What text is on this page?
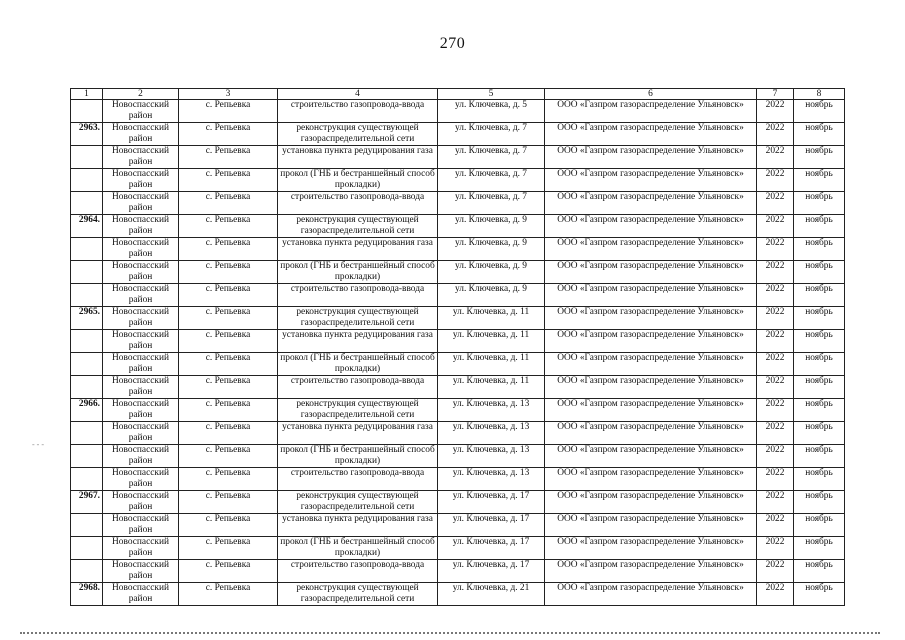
270
- - -
1	2	3	4	5	6	7	8
	Новоспасский район	с. Репьевка	строительство газопровода-ввода	ул. Ключевка, д. 5	ООО «Газпром газораспределение Ульяновск»	2022	ноябрь
2963.	Новоспасский район	с. Репьевка	реконструкция существующей газораспределительной сети	ул. Ключевка, д. 7	ООО «Газпром газораспределение Ульяновск»	2022	ноябрь
	Новоспасский район	с. Репьевка	установка пункта редуцирования газа	ул. Ключевка, д. 7	ООО «Газпром газораспределение Ульяновск»	2022	ноябрь
	Новоспасский район	с. Репьевка	прокол (ГНБ и бестраншейный способ прокладки)	ул. Ключевка, д. 7	ООО «Газпром газораспределение Ульяновск»	2022	ноябрь
	Новоспасский район	с. Репьевка	строительство газопровода-ввода	ул. Ключевка, д. 7	ООО «Газпром газораспределение Ульяновск»	2022	ноябрь
2964.	Новоспасский район	с. Репьевка	реконструкция существующей газораспределительной сети	ул. Ключевка, д. 9	ООО «Газпром газораспределение Ульяновск»	2022	ноябрь
	Новоспасский район	с. Репьевка	установка пункта редуцирования газа	ул. Ключевка, д. 9	ООО «Газпром газораспределение Ульяновск»	2022	ноябрь
	Новоспасский район	с. Репьевка	прокол (ГНБ и бестраншейный способ прокладки)	ул. Ключевка, д. 9	ООО «Газпром газораспределение Ульяновск»	2022	ноябрь
	Новоспасский район	с. Репьевка	строительство газопровода-ввода	ул. Ключевка, д. 9	ООО «Газпром газораспределение Ульяновск»	2022	ноябрь
2965.	Новоспасский район	с. Репьевка	реконструкция существующей газораспределительной сети	ул. Ключевка, д. 11	ООО «Газпром газораспределение Ульяновск»	2022	ноябрь
	Новоспасский район	с. Репьевка	установка пункта редуцирования газа	ул. Ключевка, д. 11	ООО «Газпром газораспределение Ульяновск»	2022	ноябрь
	Новоспасский район	с. Репьевка	прокол (ГНБ и бестраншейный способ прокладки)	ул. Ключевка, д. 11	ООО «Газпром газораспределение Ульяновск»	2022	ноябрь
	Новоспасский район	с. Репьевка	строительство газопровода-ввода	ул. Ключевка, д. 11	ООО «Газпром газораспределение Ульяновск»	2022	ноябрь
2966.	Новоспасский район	с. Репьевка	реконструкция существующей газораспределительной сети	ул. Ключевка, д. 13	ООО «Газпром газораспределение Ульяновск»	2022	ноябрь
	Новоспасский район	с. Репьевка	установка пункта редуцирования газа	ул. Ключевка, д. 13	ООО «Газпром газораспределение Ульяновск»	2022	ноябрь
	Новоспасский район	с. Репьевка	прокол (ГНБ и бестраншейный способ прокладки)	ул. Ключевка, д. 13	ООО «Газпром газораспределение Ульяновск»	2022	ноябрь
	Новоспасский район	с. Репьевка	строительство газопровода-ввода	ул. Ключевка, д. 13	ООО «Газпром газораспределение Ульяновск»	2022	ноябрь
2967.	Новоспасский район	с. Репьевка	реконструкция существующей газораспределительной сети	ул. Ключевка, д. 17	ООО «Газпром газораспределение Ульяновск»	2022	ноябрь
	Новоспасский район	с. Репьевка	установка пункта редуцирования газа	ул. Ключевка, д. 17	ООО «Газпром газораспределение Ульяновск»	2022	ноябрь
	Новоспасский район	с. Репьевка	прокол (ГНБ и бестраншейный способ прокладки)	ул. Ключевка, д. 17	ООО «Газпром газораспределение Ульяновск»	2022	ноябрь
	Новоспасский район	с. Репьевка	строительство газопровода-ввода	ул. Ключевка, д. 17	ООО «Газпром газораспределение Ульяновск»	2022	ноябрь
2968.	Новоспасский район	с. Репьевка	реконструкция существующей газораспределительной сети	ул. Ключевка, д. 21	ООО «Газпром газораспределение Ульяновск»	2022	ноябрь
